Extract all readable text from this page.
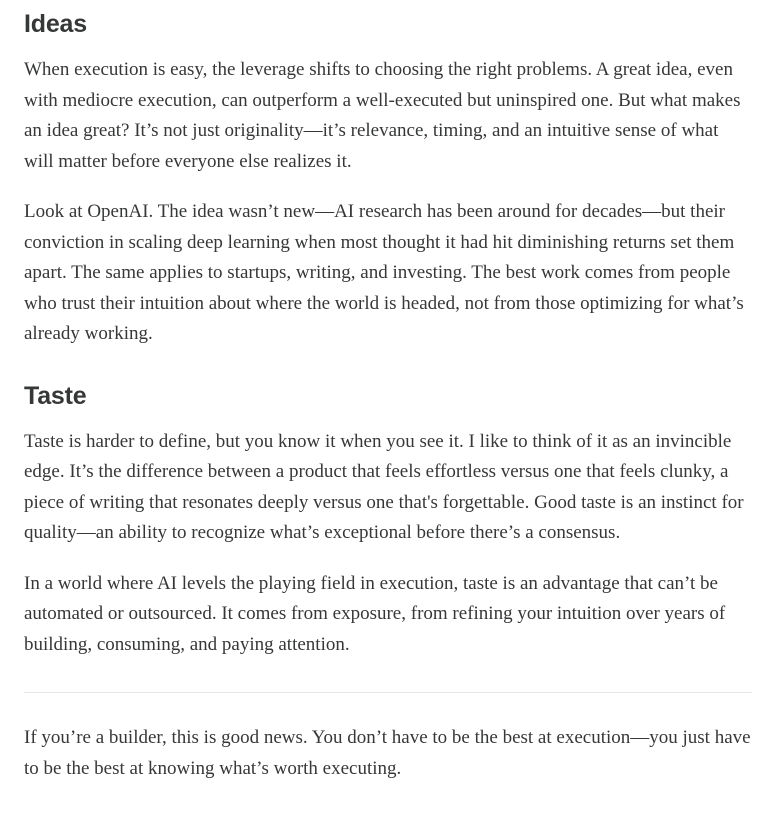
Ideas

When execution is easy, the leverage shifts to choosing the right problems. A great idea, even with mediocre execution, can outperform a well-executed but uninspired one. But what makes an idea great? It’s not just originality—it’s relevance, timing, and an intuitive sense of what will matter before everyone else realizes it.

Look at OpenAI. The idea wasn’t new—AI research has been around for decades—but their conviction in scaling deep learning when most thought it had hit diminishing returns set them apart. The same applies to startups, writing, and investing. The best work comes from people who trust their intuition about where the world is headed, not from those optimizing for what’s already working.

Taste

Taste is harder to define, but you know it when you see it. I like to think of it as an invincible edge. It’s the difference between a product that feels effortless versus one that feels clunky, a piece of writing that resonates deeply versus one that's forgettable. Good taste is an instinct for quality—an ability to recognize what’s exceptional before there’s a consensus.

In a world where AI levels the playing field in execution, taste is an advantage that can’t be automated or outsourced. It comes from exposure, from refining your intuition over years of building, consuming, and paying attention.

If you’re a builder, this is good news. You don’t have to be the best at execution—you just have to be the best at knowing what’s worth executing.
